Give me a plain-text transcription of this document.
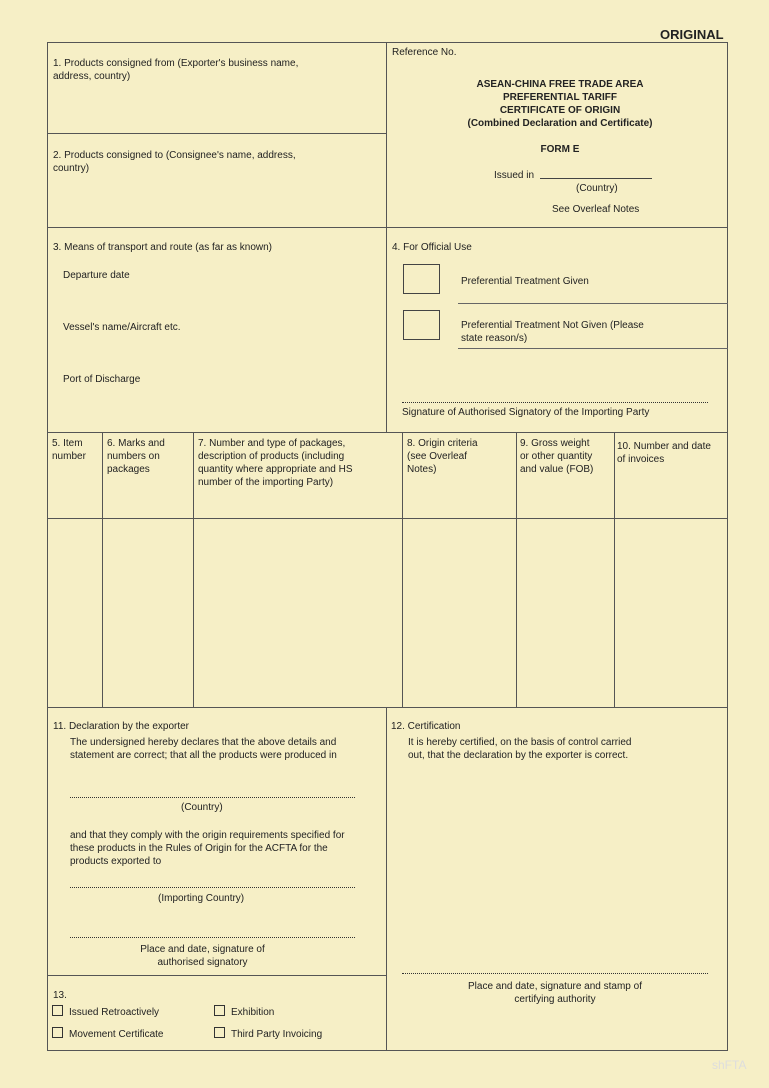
ORIGINAL
1. Products consigned from (Exporter's business name, address, country)
2. Products consigned to (Consignee's name, address, country)
Reference No.
ASEAN-CHINA FREE TRADE AREA
PREFERENTIAL TARIFF
CERTIFICATE OF ORIGIN
(Combined Declaration and Certificate)
FORM E
Issued in
(Country)
See Overleaf Notes
3. Means of transport and route (as far as known)
Departure date
Vessel's name/Aircraft etc.
Port of Discharge
4. For Official Use
Preferential Treatment Given
Preferential Treatment Not Given (Please state reason/s)
Signature of Authorised Signatory of the Importing Party
5. Item number
6. Marks and numbers on packages
7. Number and type of packages, description of products (including quantity where appropriate and HS number of the importing Party)
8. Origin criteria (see Overleaf Notes)
9. Gross weight or other quantity and value (FOB)
10. Number and date of invoices
11. Declaration by the exporter
The undersigned hereby declares that the above details and statement are correct; that all the products were produced in
(Country)
and that they comply with the origin requirements specified for these products in the Rules of Origin for the ACFTA for the products exported to
(Importing Country)
Place and date, signature of authorised signatory
12. Certification
It is hereby certified, on the basis of control carried out, that the declaration by the exporter is correct.
Place and date, signature and stamp of certifying authority
13.
Issued Retroactively	Exhibition
Movement Certificate	Third Party Invoicing
shFTA
